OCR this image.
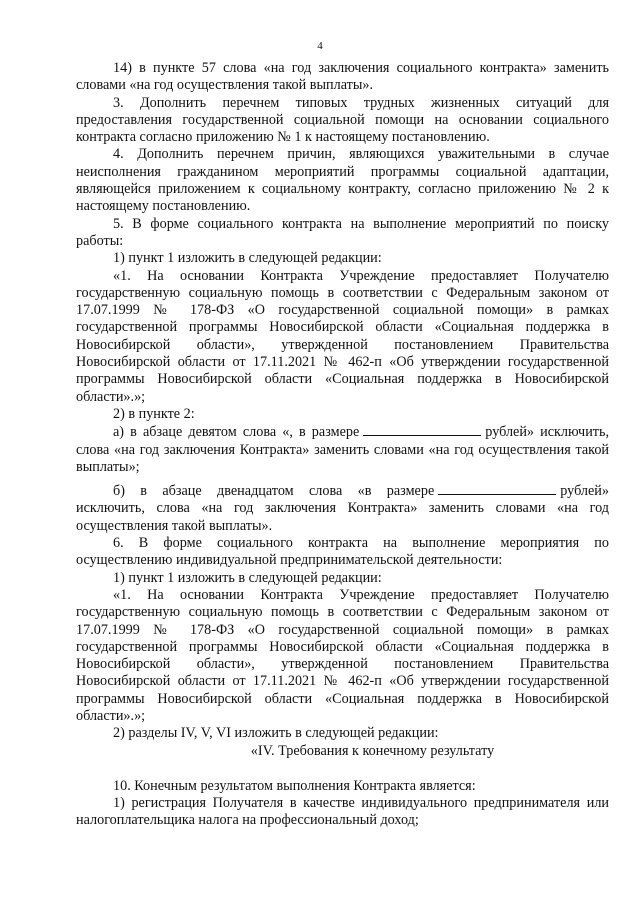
4

14) в пункте 57 слова «на год заключения социального контракта» заменить словами «на год осуществления такой выплаты».

3. Дополнить перечнем типовых трудных жизненных ситуаций для предоставления государственной социальной помощи на основании социального контракта согласно приложению № 1 к настоящему постановлению.

4. Дополнить перечнем причин, являющихся уважительными в случае неисполнения гражданином мероприятий программы социальной адаптации, являющейся приложением к социальному контракту, согласно приложению № 2 к настоящему постановлению.

5. В форме социального контракта на выполнение мероприятий по поиску работы:

1) пункт 1 изложить в следующей редакции:

«1. На основании Контракта Учреждение предоставляет Получателю государственную социальную помощь в соответствии с Федеральным законом от 17.07.1999 № 178-ФЗ «О государственной социальной помощи» в рамках государственной программы Новосибирской области «Социальная поддержка в Новосибирской области», утвержденной постановлением Правительства Новосибирской области от 17.11.2021 № 462-п «Об утверждении государственной программы Новосибирской области «Социальная поддержка в Новосибирской области».»;

2) в пункте 2:

а) в абзаце девятом слова «, в размере	рублей» исключить, слова «на год заключения Контракта» заменить словами «на год осуществления такой выплаты»;

б) в абзаце двенадцатом слова «в размере	рублей» исключить, слова «на год заключения Контракта» заменить словами «на год осуществления такой выплаты».

6. В форме социального контракта на выполнение мероприятия по осуществлению индивидуальной предпринимательской деятельности:

1) пункт 1 изложить в следующей редакции:

«1. На основании Контракта Учреждение предоставляет Получателю государственную социальную помощь в соответствии с Федеральным законом от 17.07.1999 № 178-ФЗ «О государственной социальной помощи» в рамках государственной программы Новосибирской области «Социальная поддержка в Новосибирской области», утвержденной постановлением Правительства Новосибирской области от 17.11.2021 № 462-п «Об утверждении государственной программы Новосибирской области «Социальная поддержка в Новосибирской области».»;

2) разделы IV, V, VI изложить в следующей редакции:

«IV. Требования к конечному результату

10. Конечным результатом выполнения Контракта является:

1) регистрация Получателя в качестве индивидуального предпринимателя или налогоплательщика налога на профессиональный доход;
